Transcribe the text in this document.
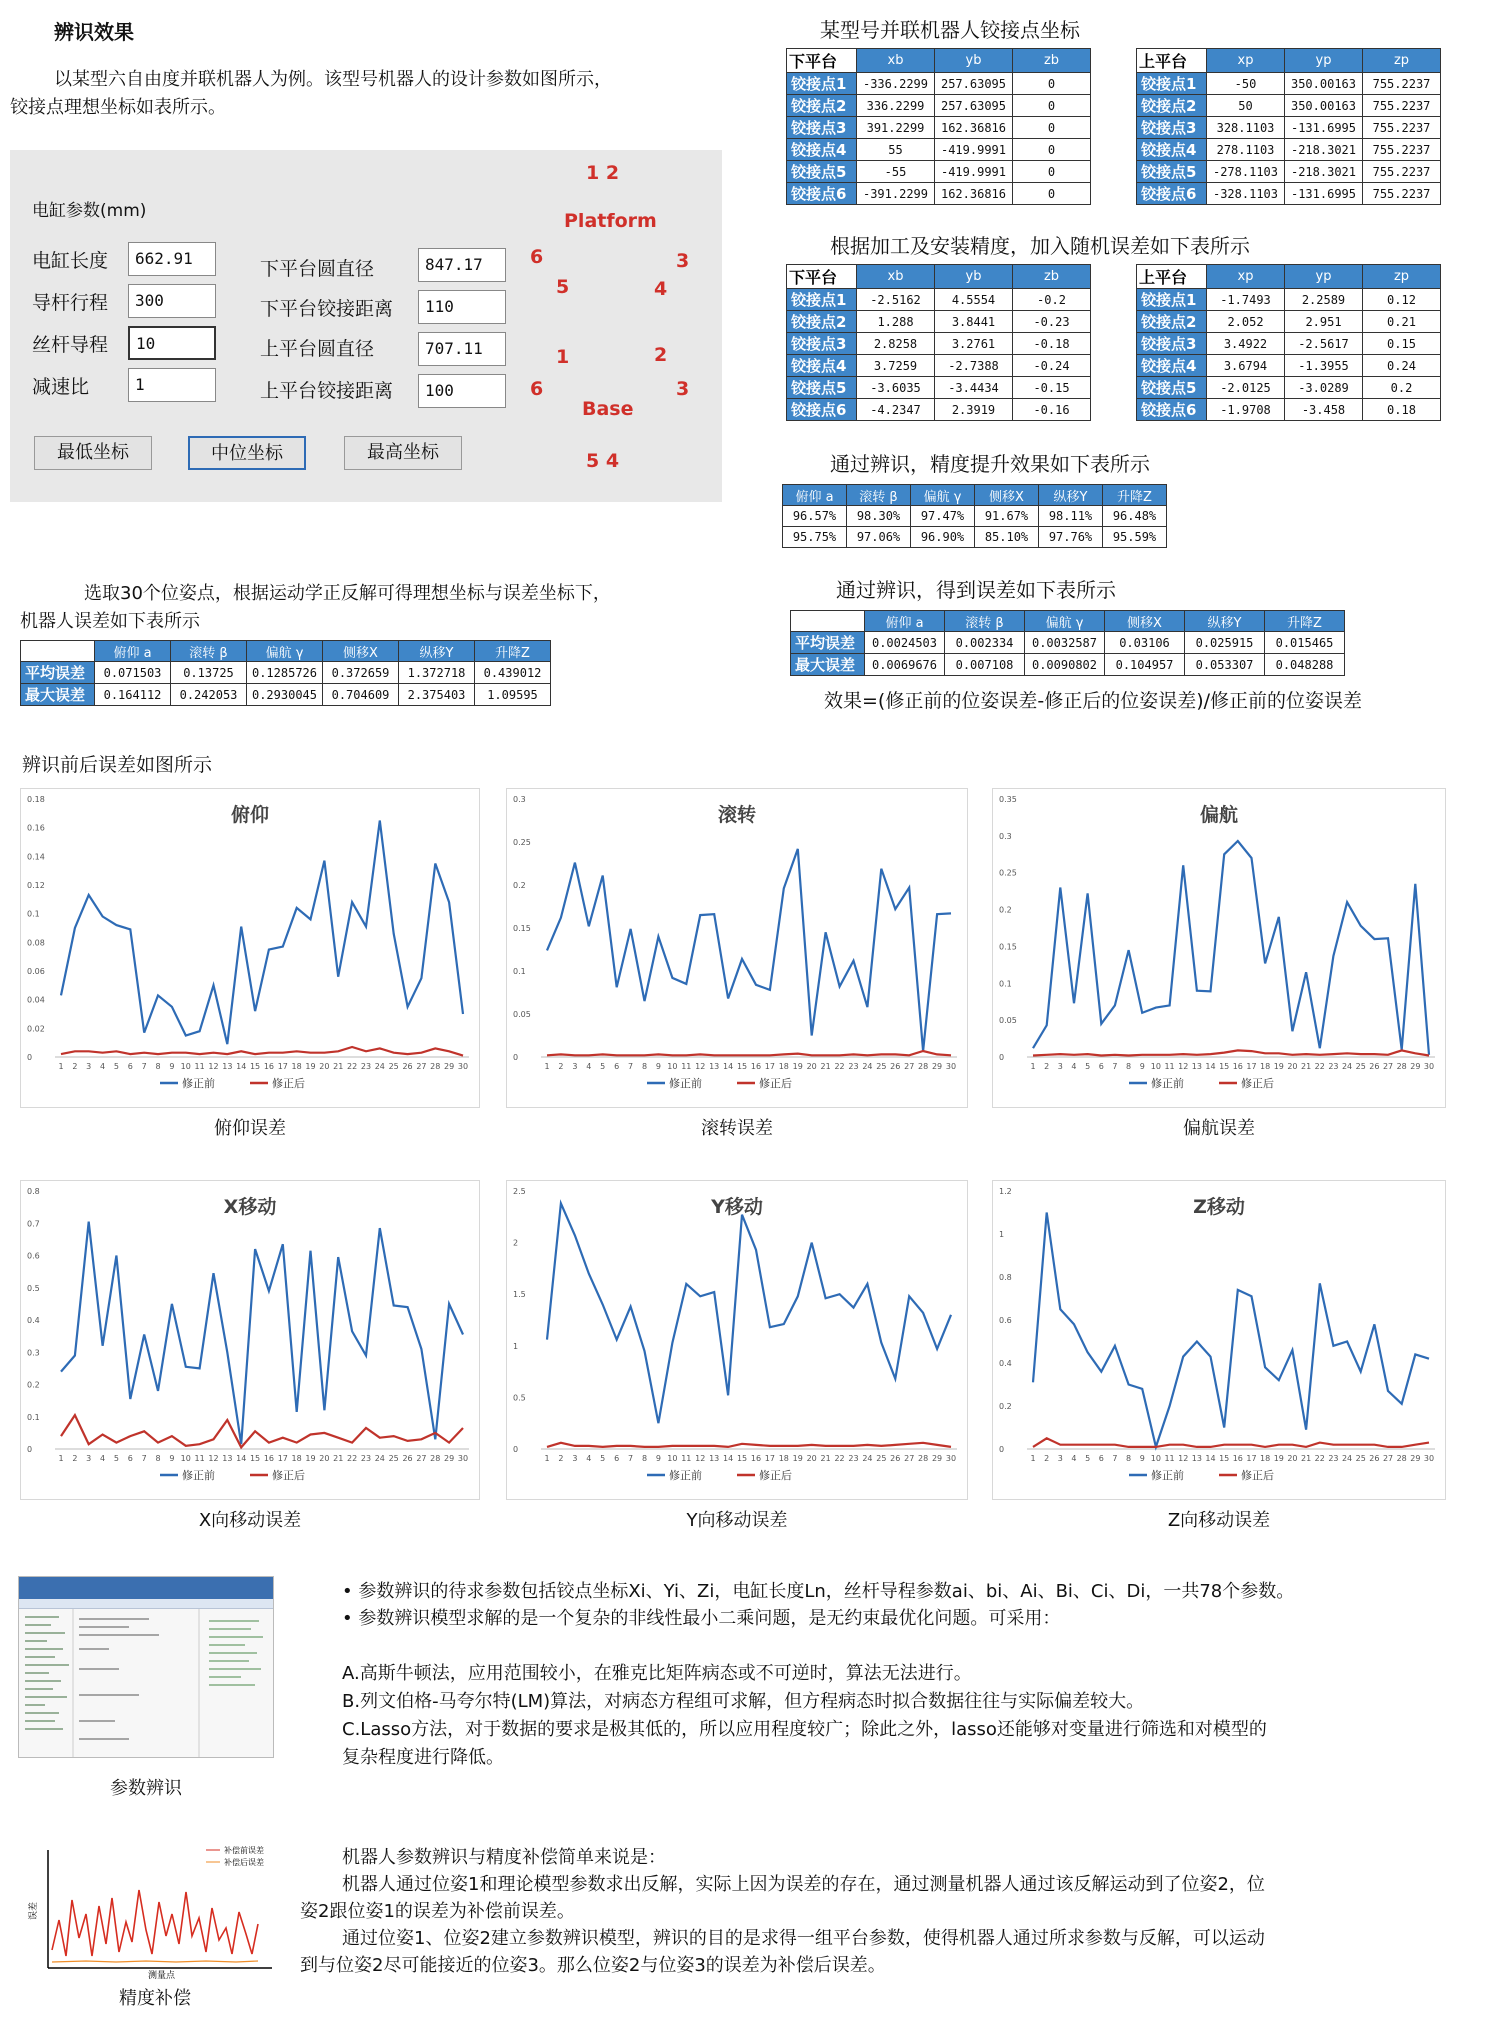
辨识效果
以某型六自由度并联机器人为例。该型号机器人的设计参数如图所示，
铰接点理想坐标如表所示。
电缸参数(mm)
电缸长度	662.91
导杆行程	300
丝杆导程	10
减速比	1
下平台圆直径	847.17
下平台铰接距离	110
上平台圆直径	707.11
上平台铰接距离	100
最低坐标	中位坐标	最高坐标
1 2
Platform
6	3
5	4
1	2
6	3
Base
5 4
某型号并联机器人铰接点坐标
下平台	xb	yb	zb
铰接点1	-336.2299	257.63095	0
铰接点2	336.2299	257.63095	0
铰接点3	391.2299	162.36816	0
铰接点4	55	-419.9991	0
铰接点5	-55	-419.9991	0
铰接点6	-391.2299	162.36816	0
上平台	xp	yp	zp
铰接点1	-50	350.00163	755.2237
铰接点2	50	350.00163	755.2237
铰接点3	328.1103	-131.6995	755.2237
铰接点4	278.1103	-218.3021	755.2237
铰接点5	-278.1103	-218.3021	755.2237
铰接点6	-328.1103	-131.6995	755.2237
根据加工及安装精度，加入随机误差如下表所示
下平台	xb	yb	zb
铰接点1	-2.5162	4.5554	-0.2
铰接点2	1.288	3.8441	-0.23
铰接点3	2.8258	3.2761	-0.18
铰接点4	3.7259	-2.7388	-0.24
铰接点5	-3.6035	-3.4434	-0.15
铰接点6	-4.2347	2.3919	-0.16
上平台	xp	yp	zp
铰接点1	-1.7493	2.2589	0.12
铰接点2	2.052	2.951	0.21
铰接点3	3.4922	-2.5617	0.15
铰接点4	3.6794	-1.3955	0.24
铰接点5	-2.0125	-3.0289	0.2
铰接点6	-1.9708	-3.458	0.18
通过辨识，精度提升效果如下表所示
俯仰 a	滚转 β	偏航 γ	侧移X	纵移Y	升降Z
96.57%	98.30%	97.47%	91.67%	98.11%	96.48%
95.75%	97.06%	96.90%	85.10%	97.76%	95.59%
通过辨识，得到误差如下表所示
	俯仰 a	滚转 β	偏航 γ	侧移X	纵移Y	升降Z
平均误差	0.0024503	0.002334	0.0032587	0.03106	0.025915	0.015465
最大误差	0.0069676	0.007108	0.0090802	0.104957	0.053307	0.048288
效果=(修正前的位姿误差-修正后的位姿误差)/修正前的位姿误差
选取30个位姿点，根据运动学正反解可得理想坐标与误差坐标下，
机器人误差如下表所示
	俯仰 a	滚转 β	偏航 γ	侧移X	纵移Y	升降Z
平均误差	0.071503	0.13725	0.1285726	0.372659	1.372718	0.439012
最大误差	0.164112	0.242053	0.2930045	0.704609	2.375403	1.09595
辨识前后误差如图所示
0
0.02
0.04
0.06
0.08
0.1
0.12
0.14
0.16
0.18
1 2 3 4 5 6 7 8 9 10 11 12 13 14 15 16 17 18 19 20 21 22 23 24 25 26 27 28 29 30
俯仰
修正前	修正后
0
0.05
0.1
0.15
0.2
0.25
0.3
1 2 3 4 5 6 7 8 9 10 11 12 13 14 15 16 17 18 19 20 21 22 23 24 25 26 27 28 29 30
滚转
修正前	修正后
0
0.05
0.1
0.15
0.2
0.25
0.3
0.35
1 2 3 4 5 6 7 8 9 10 11 12 13 14 15 16 17 18 19 20 21 22 23 24 25 26 27 28 29 30
偏航
修正前	修正后
俯仰误差	滚转误差	偏航误差
0
0.1
0.2
0.3
0.4
0.5
0.6
0.7
0.8
1 2 3 4 5 6 7 8 9 10 11 12 13 14 15 16 17 18 19 20 21 22 23 24 25 26 27 28 29 30
X移动
修正前	修正后
0
0.5
1
1.5
2
2.5
1 2 3 4 5 6 7 8 9 10 11 12 13 14 15 16 17 18 19 20 21 22 23 24 25 26 27 28 29 30
Y移动
修正前	修正后
0
0.2
0.4
0.6
0.8
1
1.2
1 2 3 4 5 6 7 8 9 10 11 12 13 14 15 16 17 18 19 20 21 22 23 24 25 26 27 28 29 30
Z移动
修正前	修正后
X向移动误差	Y向移动误差	Z向移动误差
参数辨识
• 参数辨识的待求参数包括铰点坐标Xi、Yi、Zi，电缸长度Ln，丝杆导程参数ai、bi、Ai、Bi、Ci、Di，一共78个参数。
• 参数辨识模型求解的是一个复杂的非线性最小二乘问题，是无约束最优化问题。可采用：
A.高斯牛顿法，应用范围较小，在雅克比矩阵病态或不可逆时，算法无法进行。
B.列文伯格-马夸尔特(LM)算法，对病态方程组可求解，但方程病态时拟合数据往往与实际偏差较大。
C.Lasso方法，对于数据的要求是极其低的，所以应用程度较广；除此之外，lasso还能够对变量进行筛选和对模型的
复杂程度进行降低。
误差
测量点
补偿前误差
补偿后误差
精度补偿
机器人参数辨识与精度补偿简单来说是：
机器人通过位姿1和理论模型参数求出反解，实际上因为误差的存在，通过测量机器人通过该反解运动到了位姿2，位
姿2跟位姿1的误差为补偿前误差。
通过位姿1、位姿2建立参数辨识模型，辨识的目的是求得一组平台参数，使得机器人通过所求参数与反解，可以运动
到与位姿2尽可能接近的位姿3。那么位姿2与位姿3的误差为补偿后误差。
